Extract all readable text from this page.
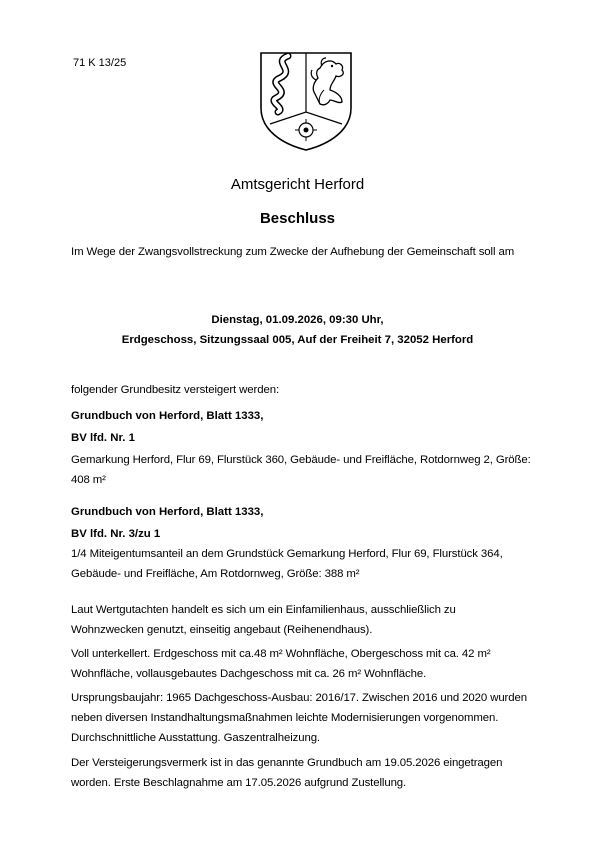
71 K 13/25
Amtsgericht Herford
Beschluss
Im Wege der Zwangsvollstreckung zum Zwecke der Aufhebung der Gemeinschaft soll am
Dienstag, 01.09.2026, 09:30 Uhr,
Erdgeschoss, Sitzungssaal 005, Auf der Freiheit 7, 32052 Herford
folgender Grundbesitz versteigert werden:
Grundbuch von Herford, Blatt 1333,
BV lfd. Nr. 1
Gemarkung Herford, Flur 69, Flurstück 360, Gebäude- und Freifläche, Rotdornweg 2, Größe: 408 m²
Grundbuch von Herford, Blatt 1333,
BV lfd. Nr. 3/zu 1
1/4 Miteigentumsanteil an dem Grundstück Gemarkung Herford, Flur 69, Flurstück 364, Gebäude- und Freifläche, Am Rotdornweg, Größe: 388 m²
Laut Wertgutachten handelt es sich um ein Einfamilienhaus, ausschließlich zu Wohnzwecken genutzt, einseitig angebaut (Reihenendhaus).
Voll unterkellert. Erdgeschoss mit ca.48 m² Wohnfläche, Obergeschoss mit ca. 42 m² Wohnfläche, vollausgebautes Dachgeschoss mit ca. 26 m² Wohnfläche.
Ursprungsbaujahr: 1965 Dachgeschoss-Ausbau: 2016/17. Zwischen 2016 und 2020 wurden neben diversen Instandhaltungsmaßnahmen leichte Modernisierungen vorgenommen. Durchschnittliche Ausstattung. Gaszentralheizung.
Der Versteigerungsvermerk ist in das genannte Grundbuch am 19.05.2026 eingetragen worden. Erste Beschlagnahme am 17.05.2026 aufgrund Zustellung.
